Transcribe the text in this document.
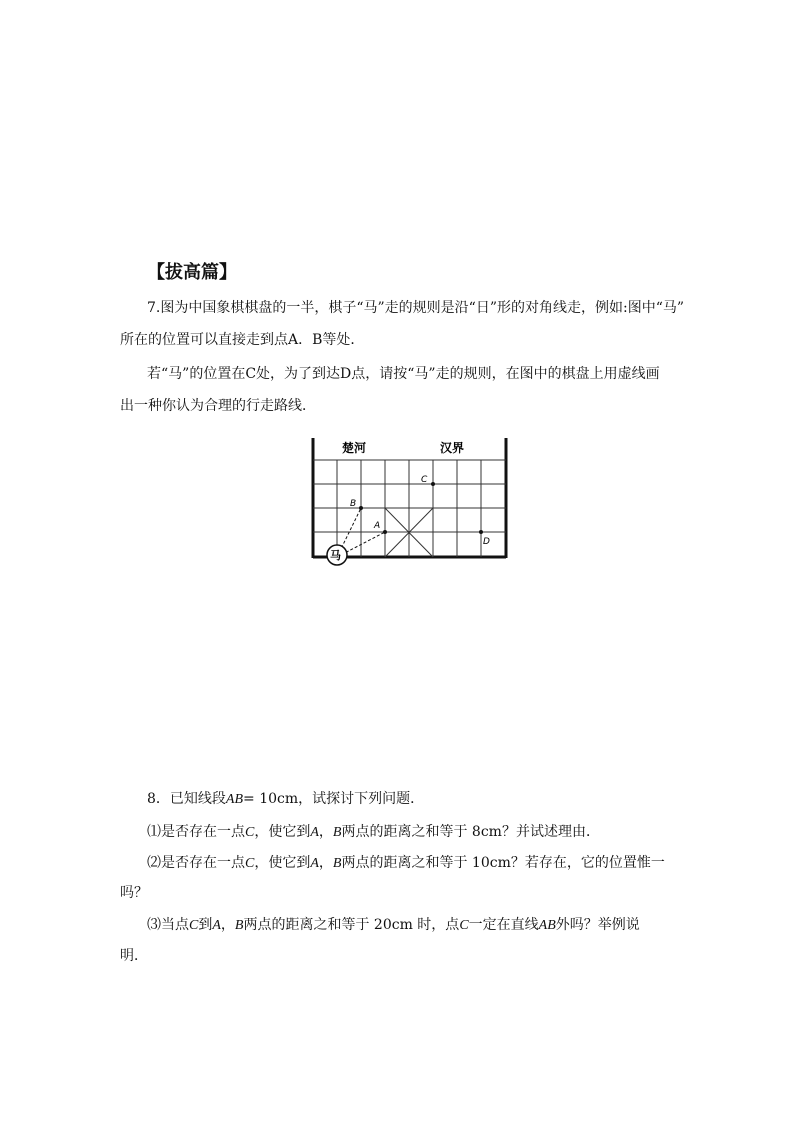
【拔高篇】
7.图为中国象棋棋盘的一半，棋子“马”走的规则是沿“日”形的对角线走，例如:图中“马”
所在的位置可以直接走到点A．B等处．
若“马”的位置在C处，为了到达D点，请按“马”走的规则，在图中的棋盘上用虚线画
出一种你认为合理的行走路线．
楚河	汉界
C
B
A
D
马
8．已知线段AB= 10cm，试探讨下列问题．
⑴是否存在一点C，使它到A，B两点的距离之和等于 8cm？并试述理由．
⑵是否存在一点C，使它到A，B两点的距离之和等于 10cm？若存在，它的位置惟一
吗？
⑶当点C到A，B两点的距离之和等于 20cm 时，点C一定在直线AB外吗？举例说
明．
